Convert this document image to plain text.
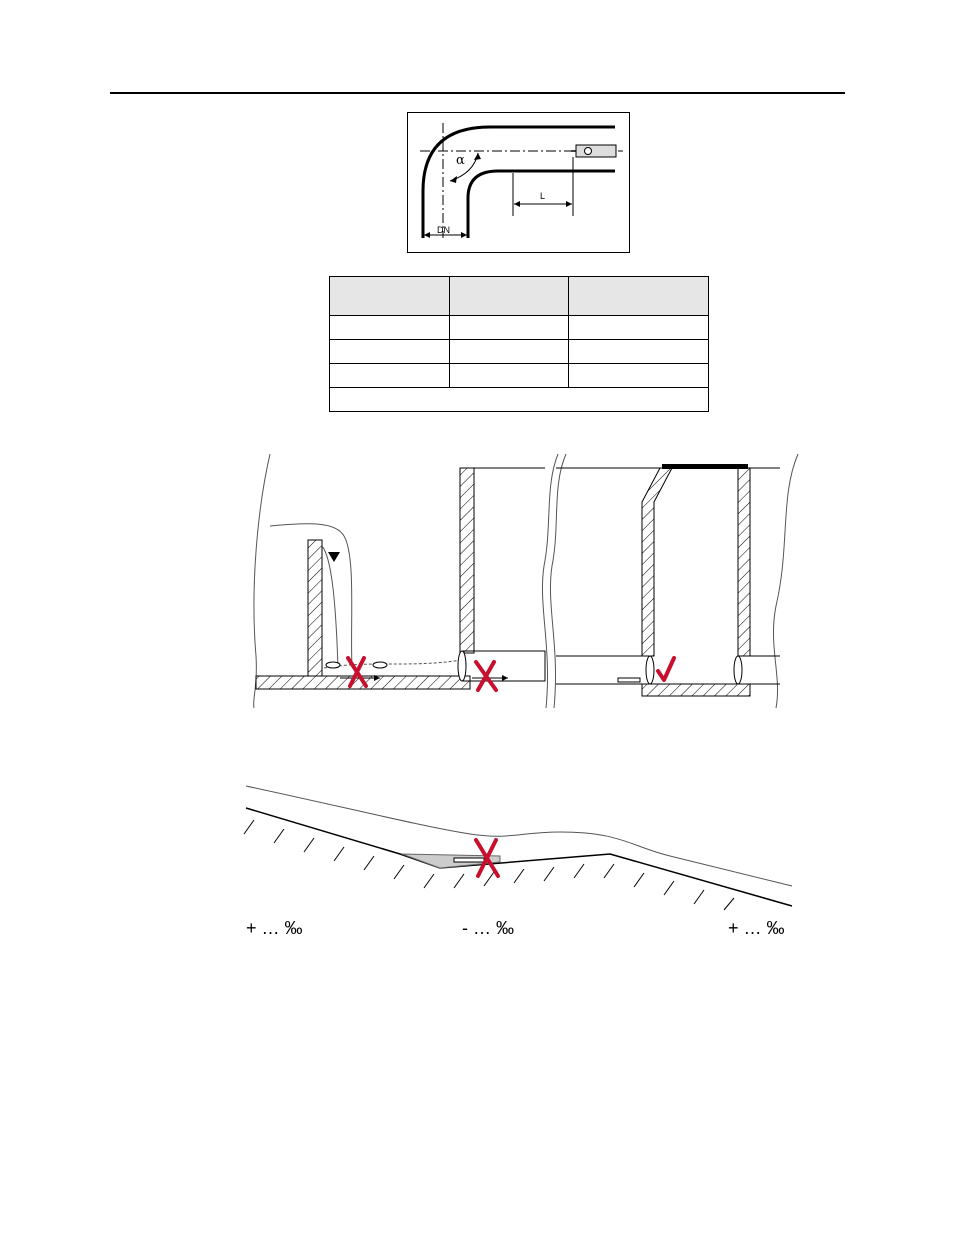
α
L
DN

+ … ‰	- … ‰	+ … ‰
